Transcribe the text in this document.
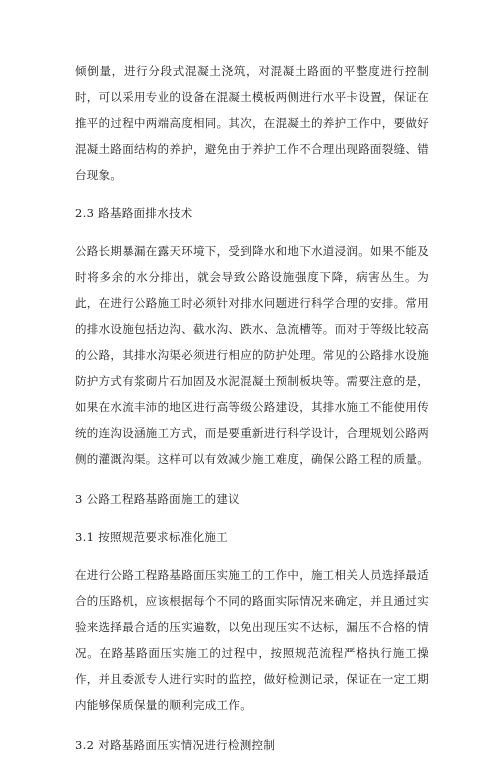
倾倒量，进行分段式混凝土浇筑，对混凝土路面的平整度进行控制时，可以采用专业的设备在混凝土模板两侧进行水平卡设置，保证在推平的过程中两端高度相同。其次，在混凝土的养护工作中，要做好混凝土路面结构的养护，避免由于养护工作不合理出现路面裂缝、错台现象。

2.3 路基路面排水技术

公路长期暴漏在露天环境下，受到降水和地下水道浸润。如果不能及时将多余的水分排出，就会导致公路设施强度下降，病害丛生。为此，在进行公路施工时必须针对排水问题进行科学合理的安排。常用的排水设施包括边沟、截水沟、跌水、急流槽等。而对于等级比较高的公路，其排水沟渠必须进行相应的防护处理。常见的公路排水设施防护方式有浆砌片石加固及水泥混凝土预制板块等。需要注意的是，如果在水流丰沛的地区进行高等级公路建设，其排水施工不能使用传统的连沟设涵施工方式，而是要重新进行科学设计，合理规划公路两侧的灌溉沟渠。这样可以有效减少施工难度，确保公路工程的质量。

3 公路工程路基路面施工的建议

3.1 按照规范要求标准化施工

在进行公路工程路基路面压实施工的工作中，施工相关人员选择最适合的压路机，应该根据每个不同的路面实际情况来确定，并且通过实验来选择最合适的压实遍数，以免出现压实不达标，漏压不合格的情况。在路基路面压实施工的过程中，按照规范流程严格执行施工操作，并且委派专人进行实时的监控，做好检测记录，保证在一定工期内能够保质保量的顺利完成工作。

3.2 对路基路面压实情况进行检测控制
